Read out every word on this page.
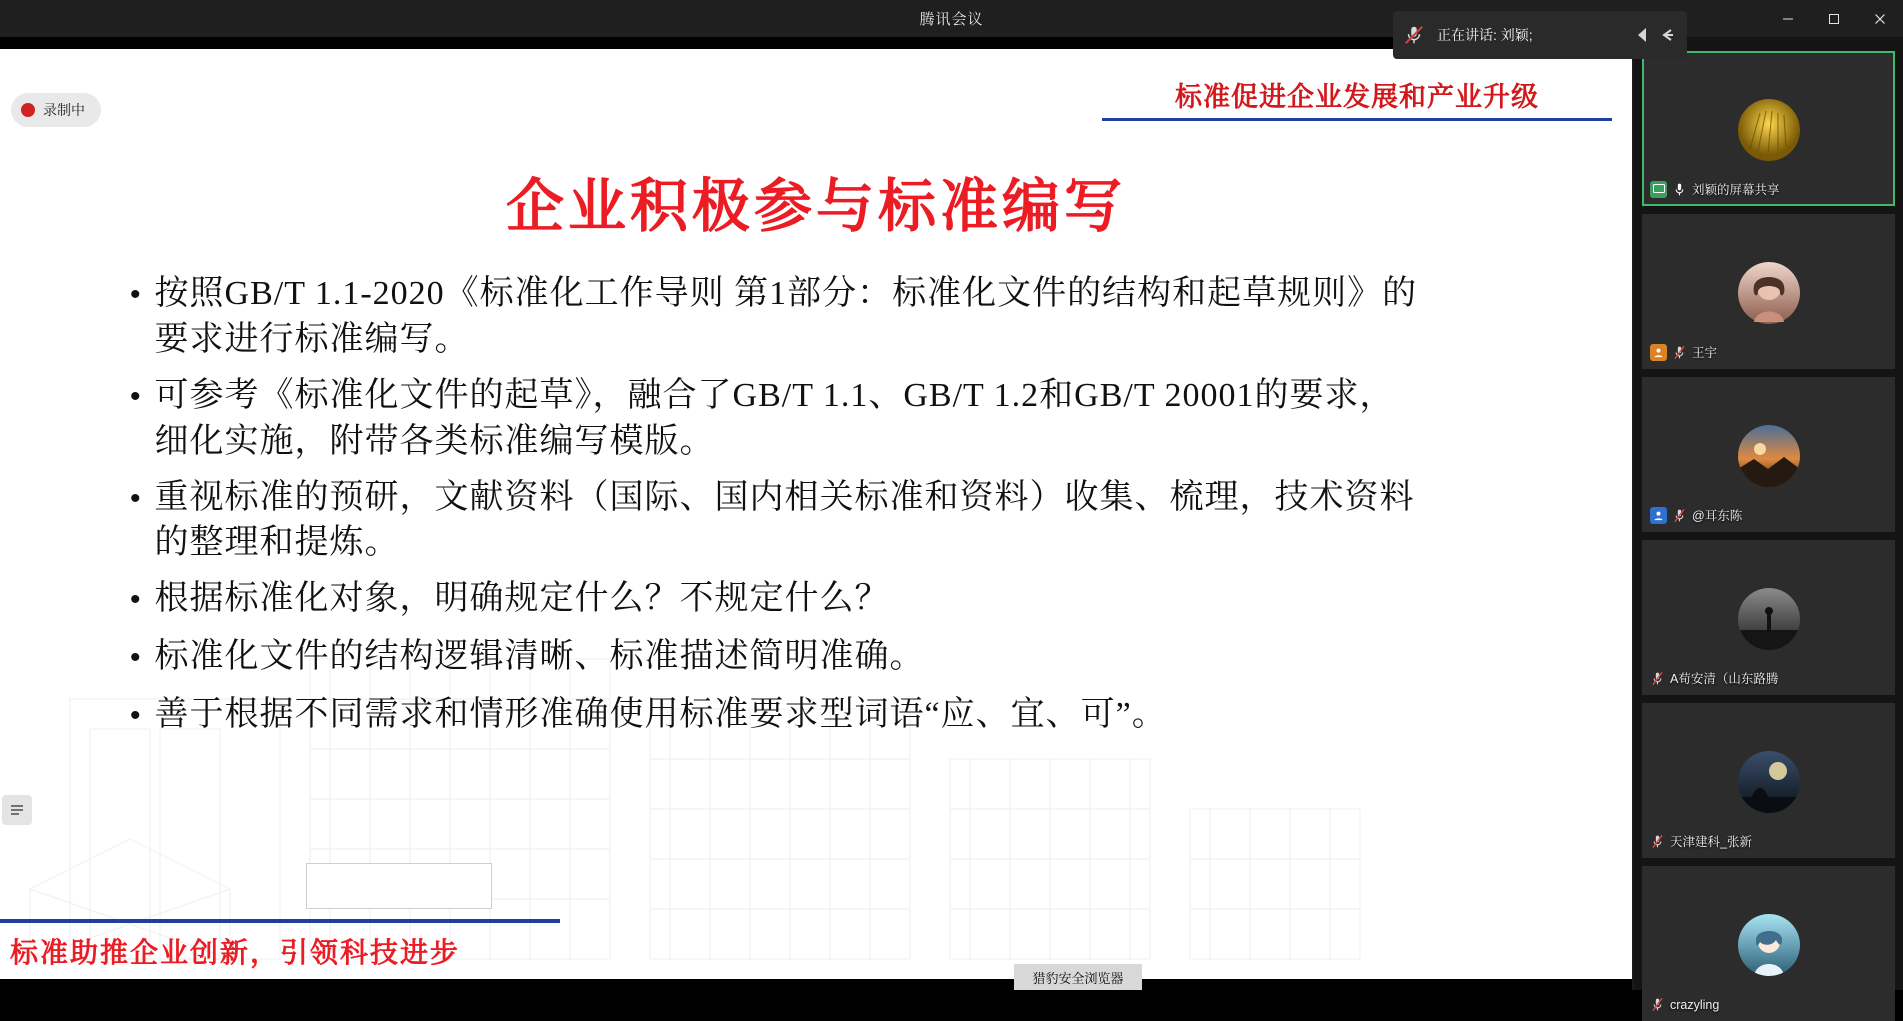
腾讯会议
正在讲话: 刘颖;
录制中	标准促进企业发展和产业升级
企业积极参与标准编写
• 按照GB/T 1.1-2020《标准化工作导则 第1部分：标准化文件的结构和起草规则》的要求进行标准编写。
• 可参考《标准化文件的起草》，融合了GB/T 1.1、GB/T 1.2和GB/T 20001的要求，细化实施，附带各类标准编写模版。
• 重视标准的预研，文献资料（国际、国内相关标准和资料）收集、梳理，技术资料的整理和提炼。
• 根据标准化对象，明确规定什么？不规定什么？
• 标准化文件的结构逻辑清晰、标准描述简明准确。
• 善于根据不同需求和情形准确使用标准要求型词语“应、宜、可”。
标准助推企业创新，引领科技进步
猎豹安全浏览器
刘颖的屏幕共享
王宇
@耳东陈
A荀安清（山东路腾
天津建科_张新
crazyling
